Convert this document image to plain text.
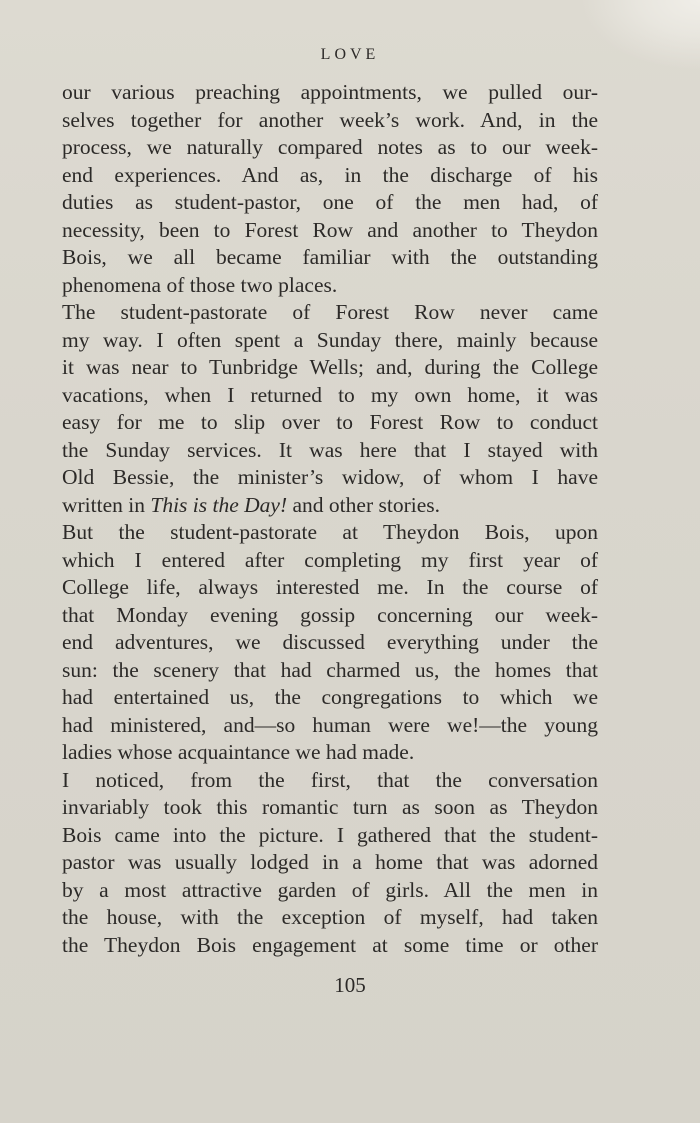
LOVE
our various preaching appointments, we pulled our-
selves together for another week’s work. And, in the
process, we naturally compared notes as to our week-
end experiences. And as, in the discharge of his
duties as student-pastor, one of the men had, of
necessity, been to Forest Row and another to Theydon
Bois, we all became familiar with the outstanding
phenomena of those two places.
The student-pastorate of Forest Row never came
my way. I often spent a Sunday there, mainly because
it was near to Tunbridge Wells; and, during the College
vacations, when I returned to my own home, it was
easy for me to slip over to Forest Row to conduct
the Sunday services. It was here that I stayed with
Old Bessie, the minister’s widow, of whom I have
written in This is the Day! and other stories.
But the student-pastorate at Theydon Bois, upon
which I entered after completing my first year of
College life, always interested me. In the course of
that Monday evening gossip concerning our week-
end adventures, we discussed everything under the
sun: the scenery that had charmed us, the homes that
had entertained us, the congregations to which we
had ministered, and—so human were we!—the young
ladies whose acquaintance we had made.
I noticed, from the first, that the conversation
invariably took this romantic turn as soon as Theydon
Bois came into the picture. I gathered that the student-
pastor was usually lodged in a home that was adorned
by a most attractive garden of girls. All the men in
the house, with the exception of myself, had taken
the Theydon Bois engagement at some time or other
105
